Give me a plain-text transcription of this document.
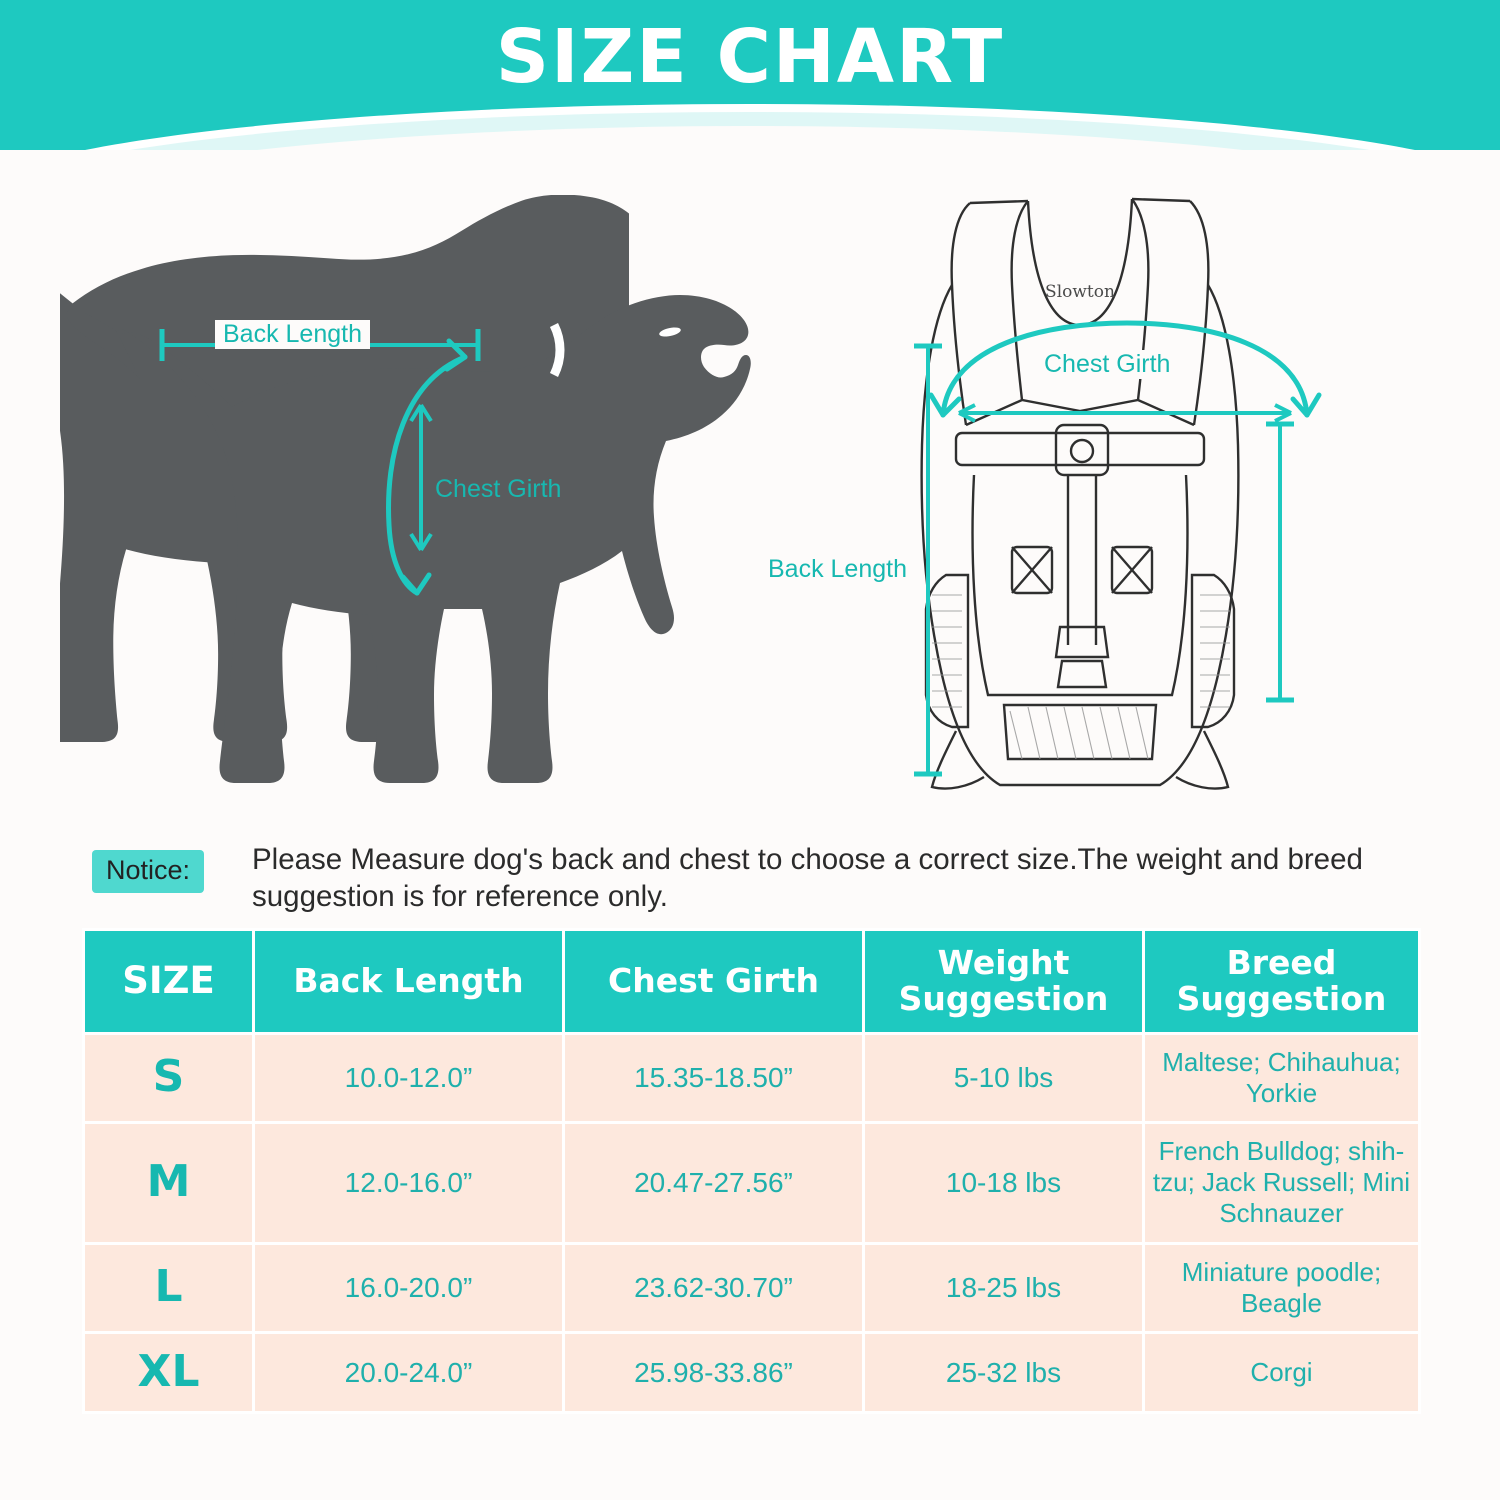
SIZE CHART
Back Length
Chest Girth
Slowton
Chest Girth
Back Length
Notice:	Please Measure dog's back and chest to choose a correct size.The weight and breed suggestion is for reference only.
SIZE	Back Length	Chest Girth	Weight Suggestion	Breed Suggestion
S	10.0-12.0”	15.35-18.50”	5-10 lbs	Maltese; Chihauhua; Yorkie
M	12.0-16.0”	20.47-27.56”	10-18 lbs	French Bulldog; shih-tzu; Jack Russell; Mini Schnauzer
L	16.0-20.0”	23.62-30.70”	18-25 lbs	Miniature poodle; Beagle
XL	20.0-24.0”	25.98-33.86”	25-32 lbs	Corgi
